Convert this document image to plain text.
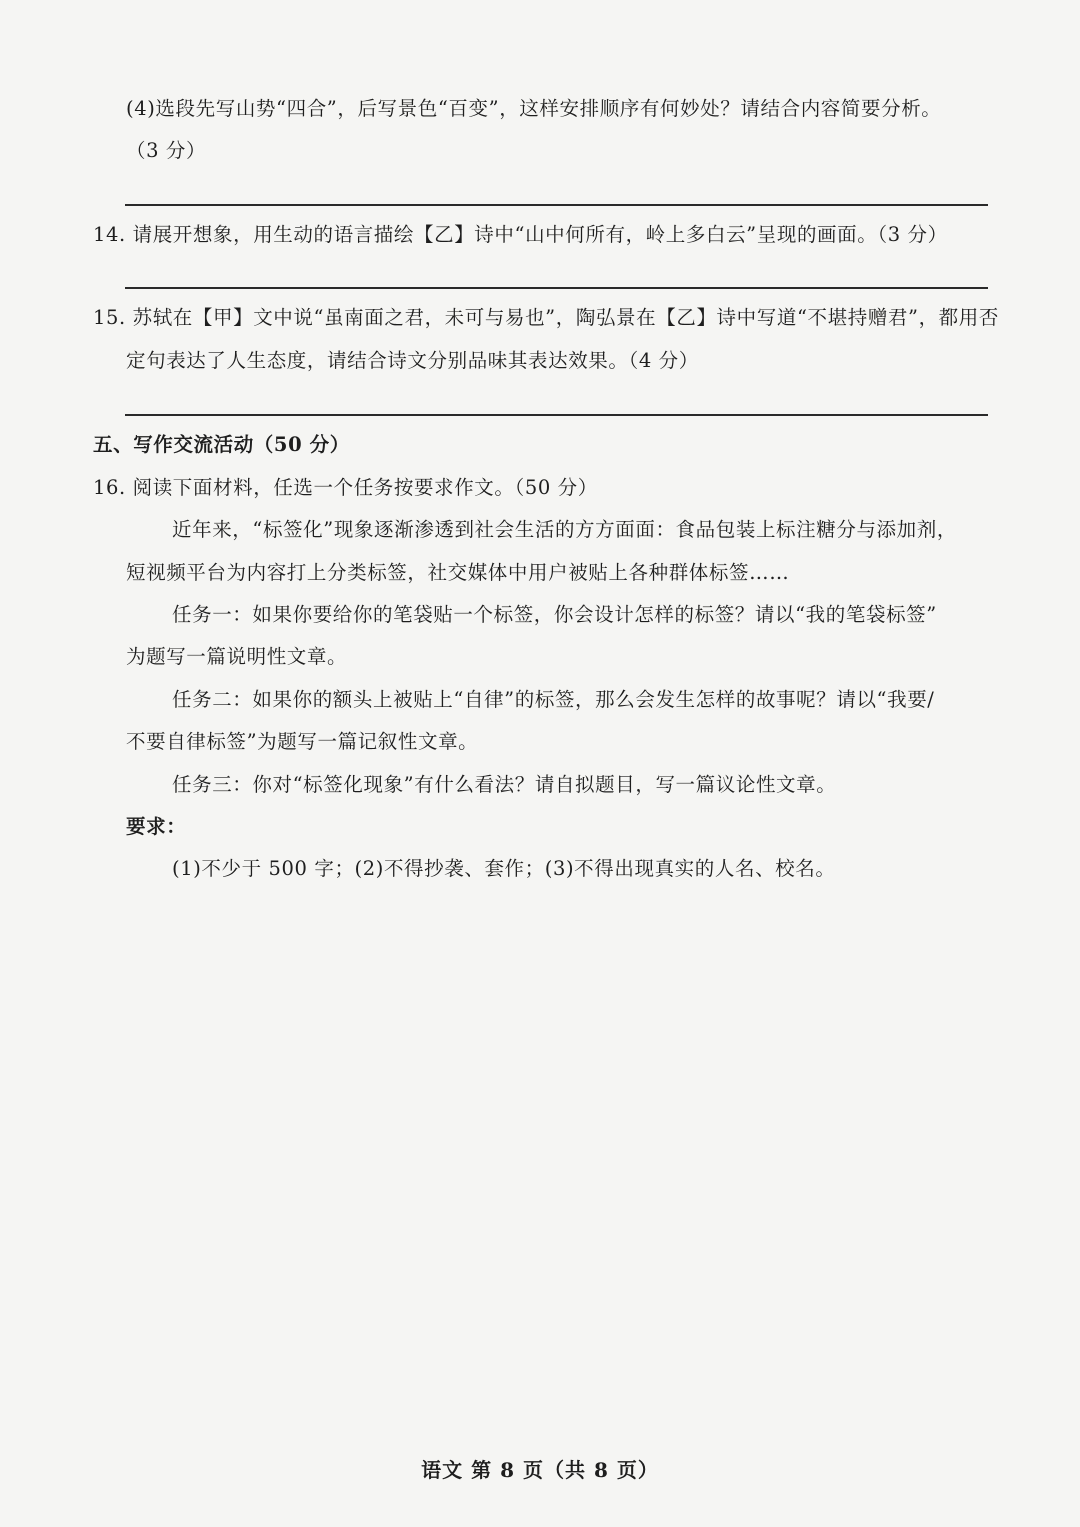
(4)选段先写山势“四合”，后写景色“百变”，这样安排顺序有何妙处？请结合内容简要分析。
（3 分）
14. 请展开想象，用生动的语言描绘【乙】诗中“山中何所有，岭上多白云”呈现的画面。（3 分）
15. 苏轼在【甲】文中说“虽南面之君，未可与易也”，陶弘景在【乙】诗中写道“不堪持赠君”，都用否
定句表达了人生态度，请结合诗文分别品味其表达效果。（4 分）
五、写作交流活动（50 分）
16. 阅读下面材料，任选一个任务按要求作文。（50 分）
近年来，“标签化”现象逐渐渗透到社会生活的方方面面：食品包装上标注糖分与添加剂，
短视频平台为内容打上分类标签，社交媒体中用户被贴上各种群体标签……
任务一：如果你要给你的笔袋贴一个标签，你会设计怎样的标签？请以“我的笔袋标签”
为题写一篇说明性文章。
任务二：如果你的额头上被贴上“自律”的标签，那么会发生怎样的故事呢？请以“我要/
不要自律标签”为题写一篇记叙性文章。
任务三：你对“标签化现象”有什么看法？请自拟题目，写一篇议论性文章。
要求：
(1)不少于 500 字；(2)不得抄袭、套作；(3)不得出现真实的人名、校名。
语文 第 8 页（共 8 页）
